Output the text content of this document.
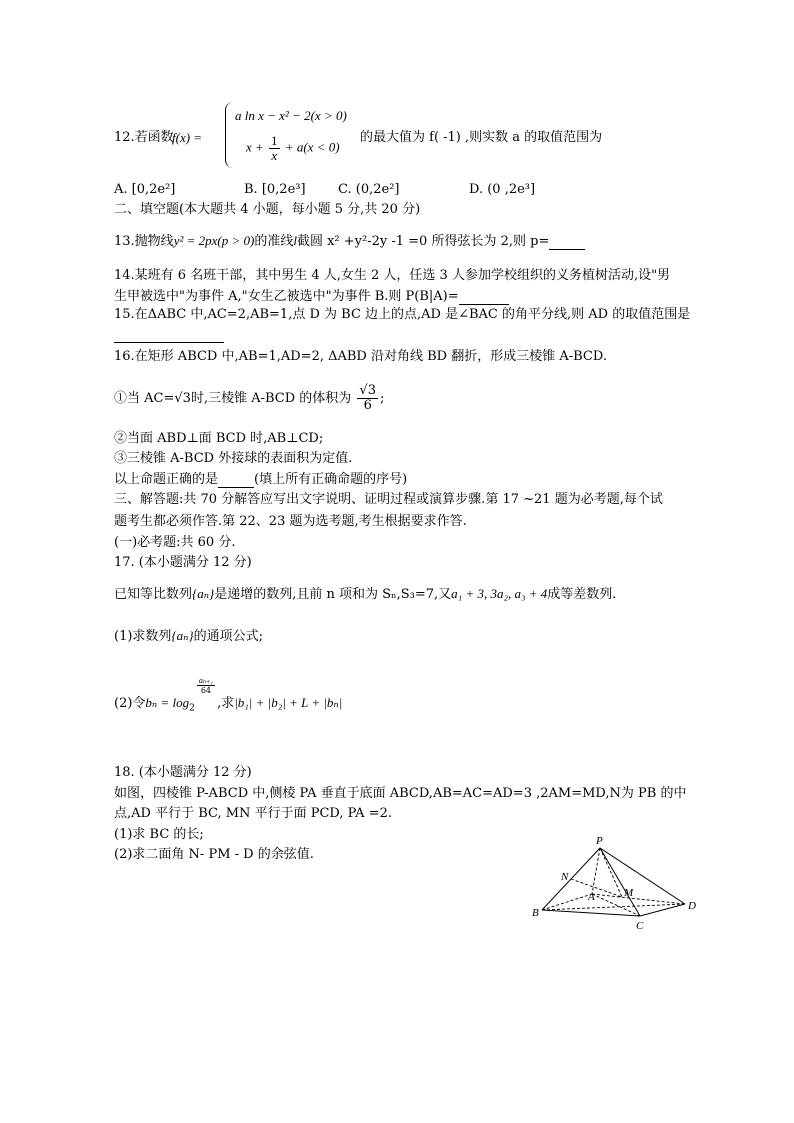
12.若函数
f(x) =
a ln x − x² − 2(x > 0)
$x + \frac{1}{x} + a(x < 0)$
的最大值为 f( -1) ,则实数 a 的取值范围为
A. [0,2e²]	B. [0,2e³] C. (0,2e²]	D. (0 ,2e³]
二、填空题(本大题共 4 小题，每小题 5 分,共 20 分)
13.抛物线y² = 2px(p > 0)的准线l截圆 x² +y²-2y -1 =0 所得弦长为 2,则 p=
14.某班有 6 名班干部，其中男生 4 人,女生 2 人，任选 3 人参加学校组织的义务植树活动,设"男
生甲被选中"为事件 A,"女生乙被选中"为事件 B.则 P(B|A)=
15.在ΔABC 中,AC=2,AB=1,点 D 为 BC 边上的点,AD 是∠BAC 的角平分线,则 AD 的取值范围是
16.在矩形 ABCD 中,AB=1,AD=2, ΔABD 沿对角线 BD 翻折，形成三棱锥 A-BCD.
①当 AC=√3时,三棱锥 A-BCD 的体积为 $\frac{√3}{6}$ ;
②当面 ABD⊥面 BCD 时,AB⊥CD;
③三棱锥 A-BCD 外接球的表面积为定值.
以上命题正确的是	(填上所有正确命题的序号)
三、解答题:共 70 分解答应写出文字说明、证明过程或演算步骤.第 17 ~21 题为必考题,每个试
题考生都必须作答.第 22、23 题为选考题,考生根据要求作答.
(一)必考题:共 60 分.
17. (本小题满分 12 分)
已知等比数列{aₙ}是递增的数列,且前 n 项和为 Sₙ,S₃=7,又a₁ + 3, 3a₂, a₃ + 4成等差数列.
(1)求数列{aₙ}的通项公式;
(2)令$b_n = \log_2$
$\frac{\text{aₙ₊₁}}{64}$
,求|b₁| + |b₂| + L + |bₙ|
18. (本小题满分 12 分)
如图，四棱锥 P-ABCD 中,侧棱 PA 垂直于底面 ABCD,AB=AC=AD=3 ,2AM=MD,N为 PB 的中
点,AD 平行于 BC, MN 平行于面 PCD, PA =2.
(1)求 BC 的长;
(2)求二面角 N- PM - D 的余弦值.
P
N
A	M
B
C
D
